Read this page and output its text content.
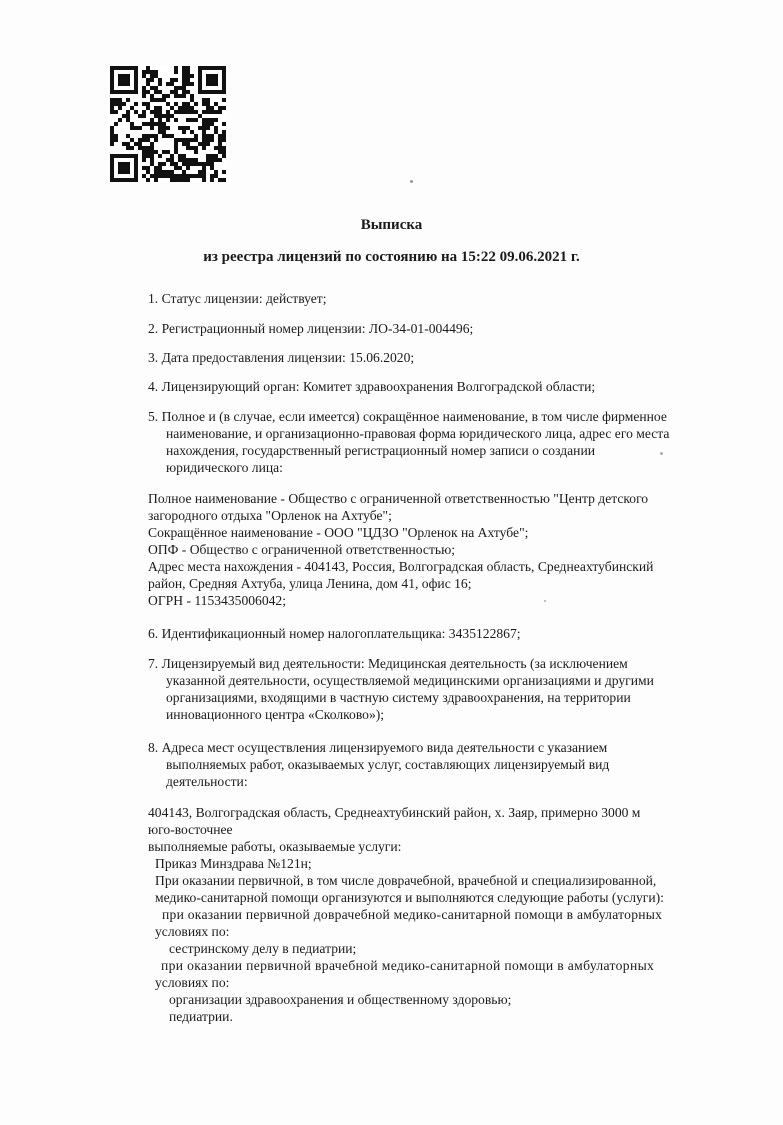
Выписка
из реестра лицензий по состоянию на 15:22 09.06.2021 г.

1. Статус лицензии: действует;

2. Регистрационный номер лицензии: ЛО-34-01-004496;

3. Дата предоставления лицензии: 15.06.2020;

4. Лицензирующий орган: Комитет здравоохранения Волгоградской области;

5. Полное и (в случае, если имеется) сокращённое наименование, в том числе фирменное
наименование, и организационно-правовая форма юридического лица, адрес его места
нахождения, государственный регистрационный номер записи о создании
юридического лица:
Полное наименование - Общество с ограниченной ответственностью "Центр детского
загородного отдыха "Орленок на Ахтубе";
Сокращённое наименование - ООО "ЦДЗО "Орленок на Ахтубе";
ОПФ - Общество с ограниченной ответственностью;
Адрес места нахождения - 404143, Россия, Волгоградская область, Среднеахтубинский
район, Средняя Ахтуба, улица Ленина, дом 41, офис 16;
ОГРН - 1153435006042;

6. Идентификационный номер налогоплательщика: 3435122867;

7. Лицензируемый вид деятельности: Медицинская деятельность (за исключением
указанной деятельности, осуществляемой медицинскими организациями и другими
организациями, входящими в частную систему здравоохранения, на территории
инновационного центра «Сколково»);
8. Адреса мест осуществления лицензируемого вида деятельности с указанием
выполняемых работ, оказываемых услуг, составляющих лицензируемый вид
деятельности:
404143, Волгоградская область, Среднеахтубинский район, х. Заяр, примерно 3000 м
юго-восточнее
выполняемые работы, оказываемые услуги:
Приказ Минздрава №121н;
При оказании первичной, в том числе доврачебной, врачебной и специализированной,
медико-санитарной помощи организуются и выполняются следующие работы (услуги):
при оказании первичной доврачебной медико-санитарной помощи в амбулаторных
условиях по:
сестринскому делу в педиатрии;
при оказании первичной врачебной медико-санитарной помощи в амбулаторных
условиях по:
организации здравоохранения и общественному здоровью;
педиатрии.
